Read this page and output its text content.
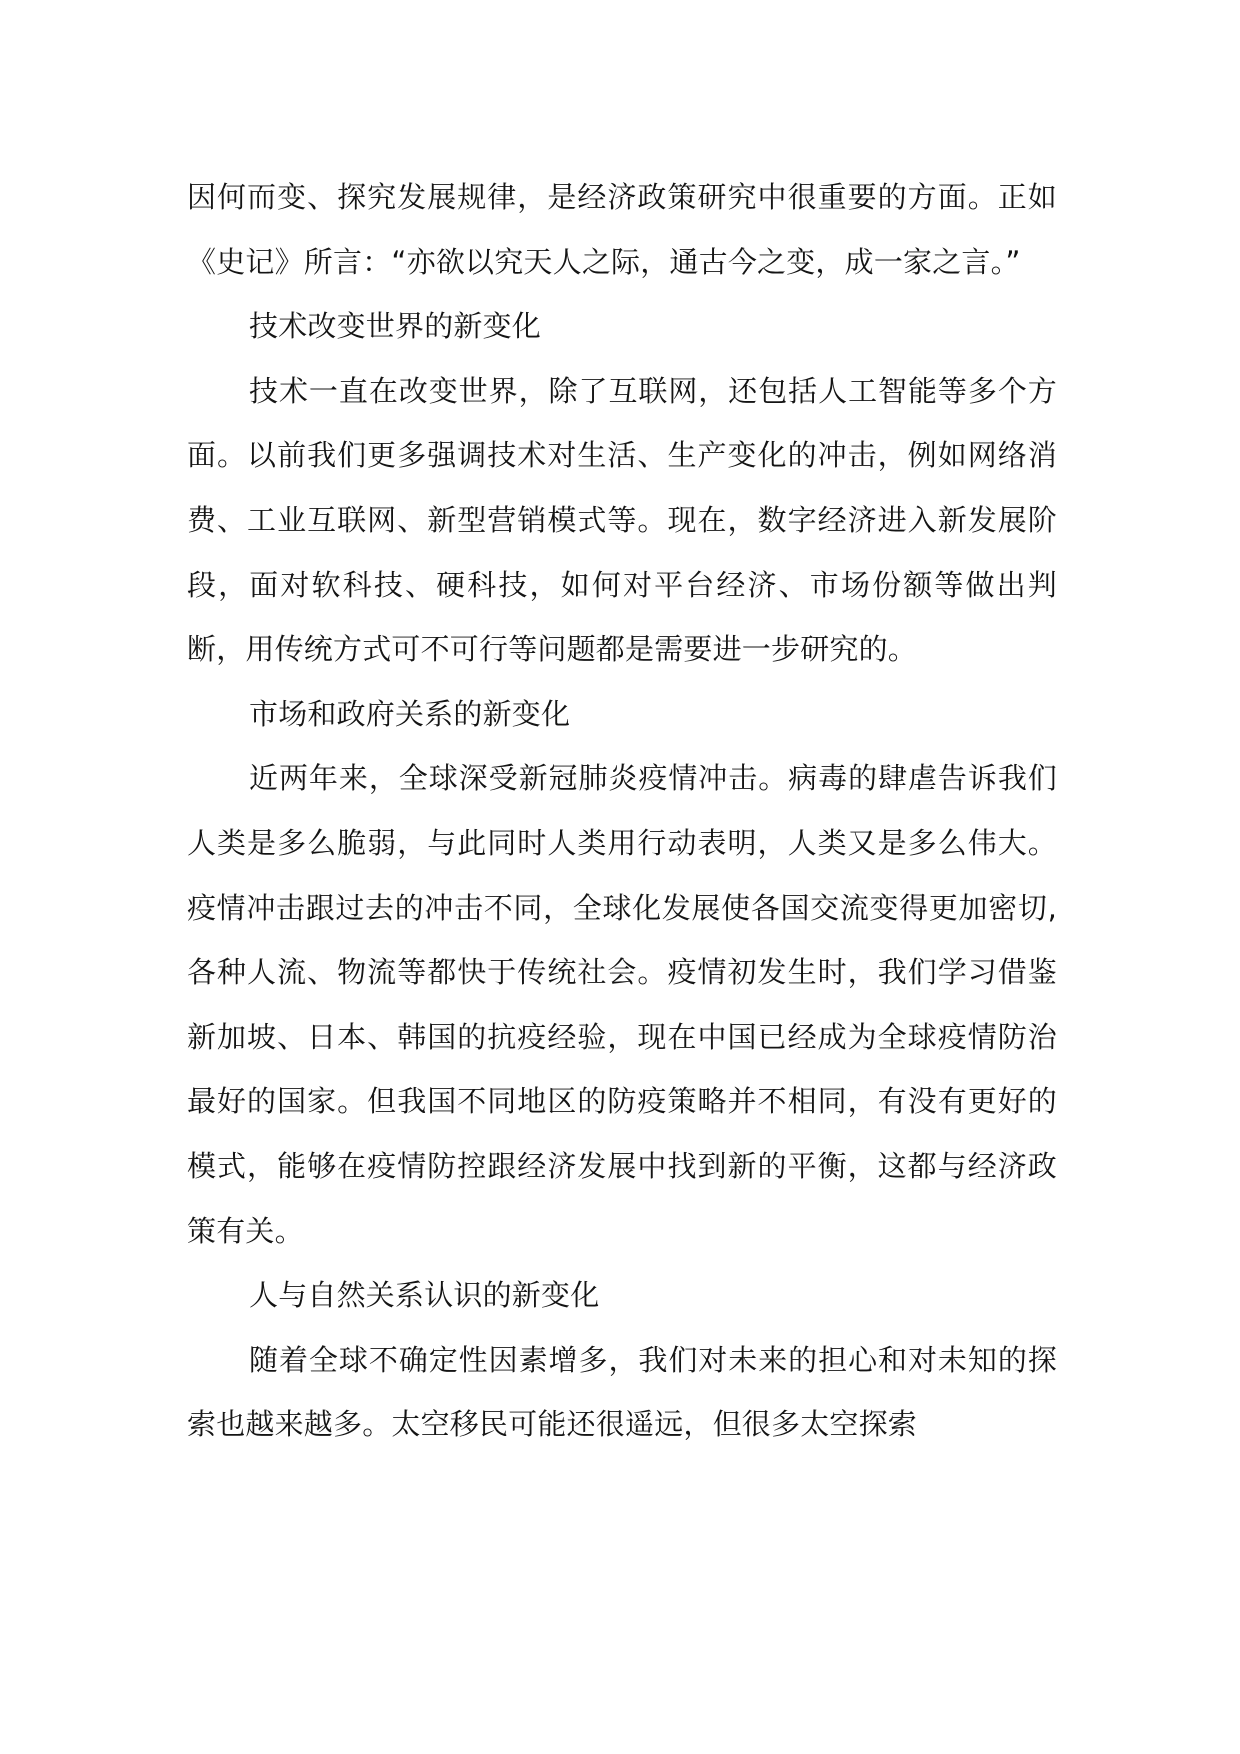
因何而变、探究发展规律，是经济政策研究中很重要的方面。正如《史记》所言：“亦欲以究天人之际，通古今之变，成一家之言。”

技术改变世界的新变化

技术一直在改变世界，除了互联网，还包括人工智能等多个方面。以前我们更多强调技术对生活、生产变化的冲击，例如网络消费、工业互联网、新型营销模式等。现在，数字经济进入新发展阶段，面对软科技、硬科技，如何对平台经济、市场份额等做出判断，用传统方式可不可行等问题都是需要进一步研究的。

市场和政府关系的新变化

近两年来，全球深受新冠肺炎疫情冲击。病毒的肆虐告诉我们人类是多么脆弱，与此同时人类用行动表明，人类又是多么伟大。疫情冲击跟过去的冲击不同，全球化发展使各国交流变得更加密切,各种人流、物流等都快于传统社会。疫情初发生时，我们学习借鉴新加坡、日本、韩国的抗疫经验，现在中国已经成为全球疫情防治最好的国家。但我国不同地区的防疫策略并不相同，有没有更好的模式，能够在疫情防控跟经济发展中找到新的平衡，这都与经济政策有关。

人与自然关系认识的新变化

随着全球不确定性因素增多，我们对未来的担心和对未知的探索也越来越多。太空移民可能还很遥远，但很多太空探索
